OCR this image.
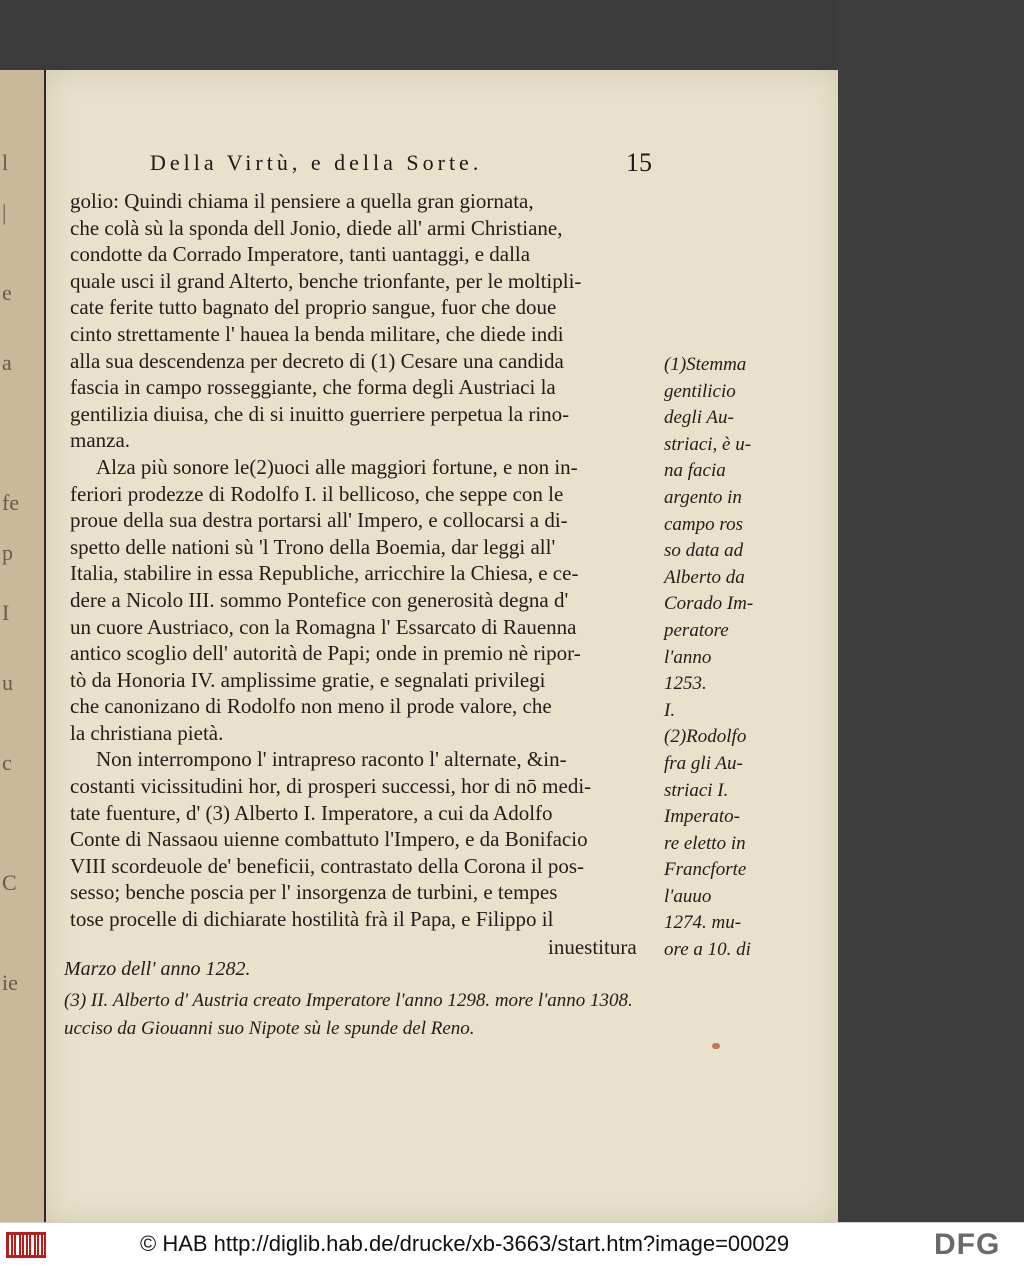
l
|
e
a
fe
p
I
u
c
C
ie
Della Virtù, e della Sorte.	15
golio: Quindi chiama il pensiere a quella gran giornata,
che colà sù la sponda dell Jonio, diede all' armi Christiane,
condotte da Corrado Imperatore, tanti uantaggi, e dalla
quale usci il grand Alterto, benche trionfante, per le moltipli-
cate ferite tutto bagnato del proprio sangue, fuor che doue
cinto strettamente l' hauea la benda militare, che diede indi
alla sua descendenza per decreto di (1) Cesare una candida
fascia in campo rosseggiante, che forma degli Austriaci la
gentilizia diuisa, che di si inuitto guerriere perpetua la rino-
manza.
Alza più sonore le(2)uoci alle maggiori fortune, e non in-
feriori prodezze di Rodolfo I. il bellicoso, che seppe con le
proue della sua destra portarsi all' Impero, e collocarsi a di-
spetto delle nationi sù 'l Trono della Boemia, dar leggi all'
Italia, stabilire in essa Republiche, arricchire la Chiesa, e ce-
dere a Nicolo III. sommo Pontefice con generosità degna d'
un cuore Austriaco, con la Romagna l' Essarcato di Rauenna
antico scoglio dell' autorità de Papi; onde in premio nè ripor-
tò da Honoria IV. amplissime gratie, e segnalati privilegi
che canonizano di Rodolfo non meno il prode valore, che
la christiana pietà.
Non interrompono l' intrapreso raconto l' alternate, &in-
costanti vicissitudini hor, di prosperi successi, hor di nō medi-
tate fuenture, d' (3) Alberto I. Imperatore, a cui da Adolfo
Conte di Nassaou uienne combattuto l'Impero, e da Bonifacio
VIII scordeuole de' beneficii, contrastato della Corona il pos-
sesso; benche poscia per l' insorgenza de turbini, e tempes
tose procelle di dichiarate hostilità frà il Papa, e Filippo il
(1)Stemma
gentilicio
degli Au-
striaci, è u-
na facia
argento in
campo ros
so data ad
Alberto da
Corado Im-
peratore
l'anno
1253.
I.
(2)Rodolfo
fra gli Au-
striaci I.
Imperato-
re eletto in
Francforte
l'auuo
1274. mu-
ore a 10. di
inuestitura
Marzo dell' anno 1282.
(3) II. Alberto d' Austria creato Imperatore l'anno 1298. more l'anno 1308.
ucciso da Giouanni suo Nipote sù le spunde del Reno.
© HAB http://diglib.hab.de/drucke/xb-3663/start.htm?image=00029	DFG
